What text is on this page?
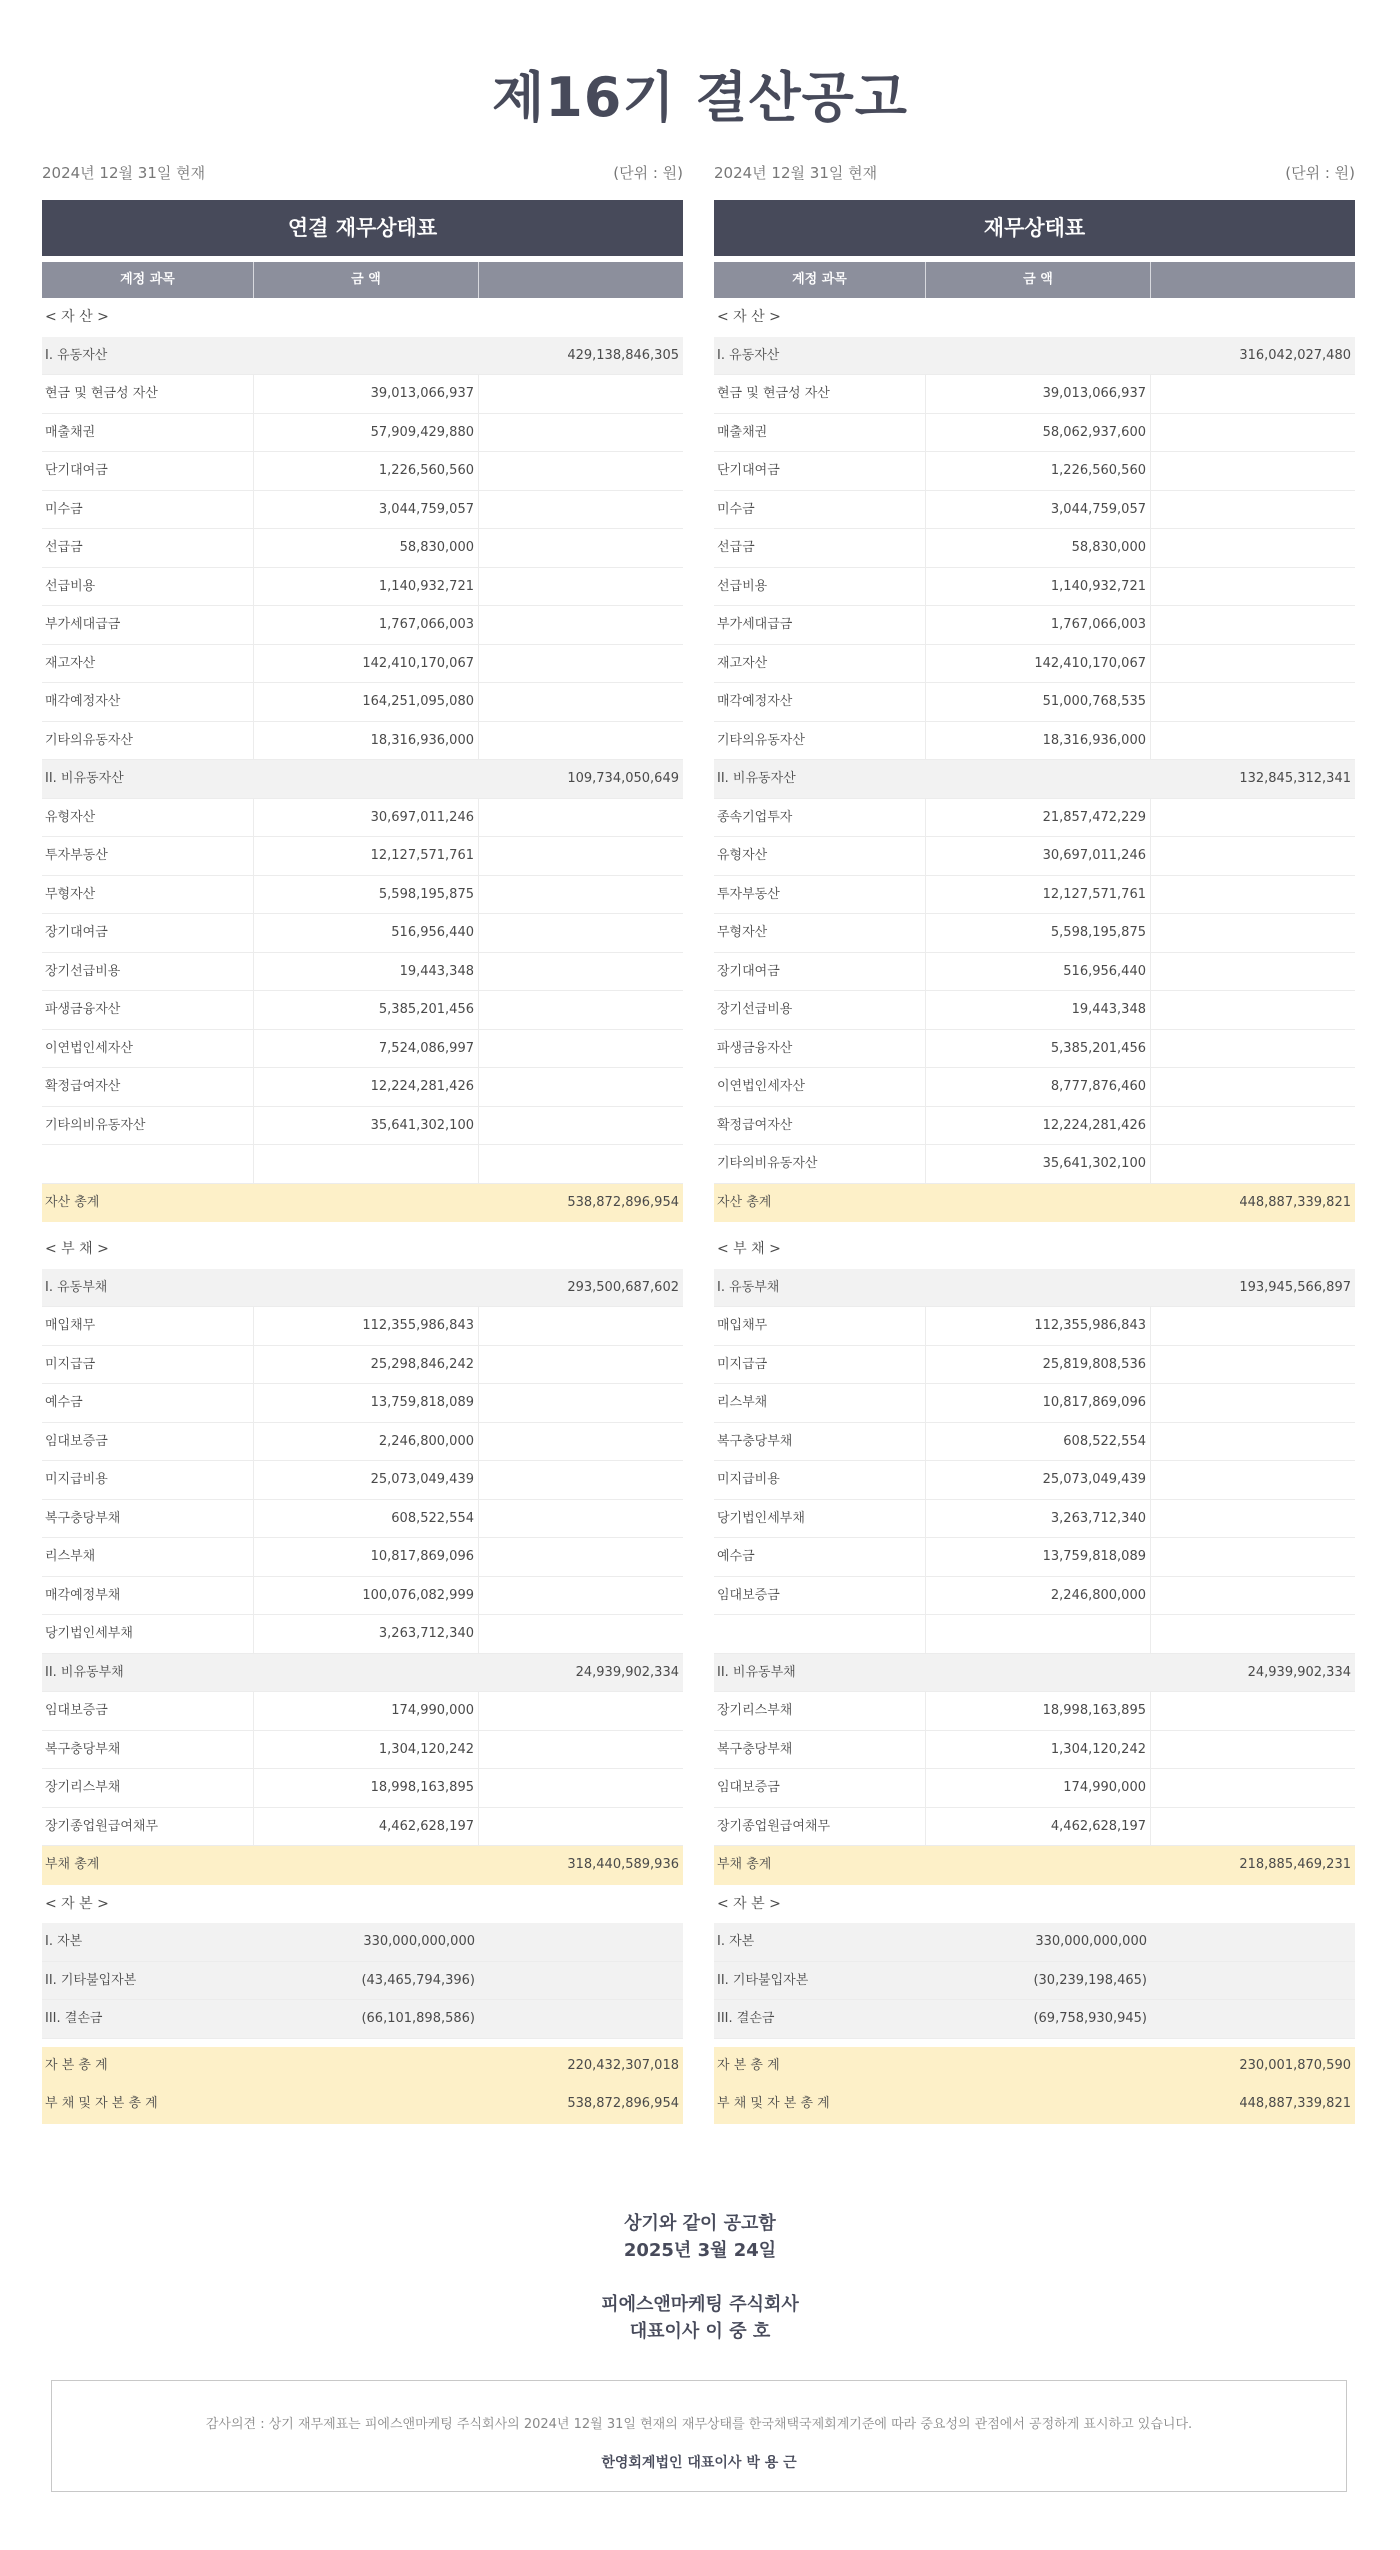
제16기 결산공고
2024년 12월 31일 현재	(단위 : 원)
연결 재무상태표
계정 과목	금 액
< 자 산 >
I. 유동자산	429,138,846,305
현금 및 현금성 자산	39,013,066,937
매출채권	57,909,429,880
단기대여금	1,226,560,560
미수금	3,044,759,057
선급금	58,830,000
선급비용	1,140,932,721
부가세대급금	1,767,066,003
재고자산	142,410,170,067
매각예정자산	164,251,095,080
기타의유동자산	18,316,936,000
II. 비유동자산	109,734,050,649
유형자산	30,697,011,246
투자부동산	12,127,571,761
무형자산	5,598,195,875
장기대여금	516,956,440
장기선급비용	19,443,348
파생금융자산	5,385,201,456
이연법인세자산	7,524,086,997
확정급여자산	12,224,281,426
기타의비유동자산	35,641,302,100
자산 총계	538,872,896,954
< 부 채 >
I. 유동부채	293,500,687,602
매입채무	112,355,986,843
미지급금	25,298,846,242
예수금	13,759,818,089
임대보증금	2,246,800,000
미지급비용	25,073,049,439
복구충당부채	608,522,554
리스부채	10,817,869,096
매각예정부채	100,076,082,999
당기법인세부채	3,263,712,340
II. 비유동부채	24,939,902,334
임대보증금	174,990,000
복구충당부채	1,304,120,242
장기리스부채	18,998,163,895
장기종업원급여채무	4,462,628,197
부채 총계	318,440,589,936
< 자 본 >
I. 자본	330,000,000,000
II. 기타불입자본	(43,465,794,396)
III. 결손금	(66,101,898,586)
자 본 총 계	220,432,307,018
부 채 및 자 본 총 계	538,872,896,954
2024년 12월 31일 현재	(단위 : 원)
재무상태표
계정 과목	금 액
< 자 산 >
I. 유동자산	316,042,027,480
현금 및 현금성 자산	39,013,066,937
매출채권	58,062,937,600
단기대여금	1,226,560,560
미수금	3,044,759,057
선급금	58,830,000
선급비용	1,140,932,721
부가세대급금	1,767,066,003
재고자산	142,410,170,067
매각예정자산	51,000,768,535
기타의유동자산	18,316,936,000
II. 비유동자산	132,845,312,341
종속기업투자	21,857,472,229
유형자산	30,697,011,246
투자부동산	12,127,571,761
무형자산	5,598,195,875
장기대여금	516,956,440
장기선급비용	19,443,348
파생금융자산	5,385,201,456
이연법인세자산	8,777,876,460
확정급여자산	12,224,281,426
기타의비유동자산	35,641,302,100
자산 총계	448,887,339,821
< 부 채 >
I. 유동부채	193,945,566,897
매입채무	112,355,986,843
미지급금	25,819,808,536
리스부채	10,817,869,096
복구충당부채	608,522,554
미지급비용	25,073,049,439
당기법인세부채	3,263,712,340
예수금	13,759,818,089
임대보증금	2,246,800,000
II. 비유동부채	24,939,902,334
장기리스부채	18,998,163,895
복구충당부채	1,304,120,242
임대보증금	174,990,000
장기종업원급여채무	4,462,628,197
부채 총계	218,885,469,231
< 자 본 >
I. 자본	330,000,000,000
II. 기타불입자본	(30,239,198,465)
III. 결손금	(69,758,930,945)
자 본 총 계	230,001,870,590
부 채 및 자 본 총 계	448,887,339,821
상기와 같이 공고함
2025년 3월 24일
피에스앤마케팅 주식회사
대표이사 이 중 호
감사의견 : 상기 재무제표는 피에스앤마케팅 주식회사의 2024년 12월 31일 현재의 재무상태를 한국채택국제회계기준에 따라 중요성의 관점에서 공정하게 표시하고 있습니다.
한영회계법인 대표이사 박 용 근
